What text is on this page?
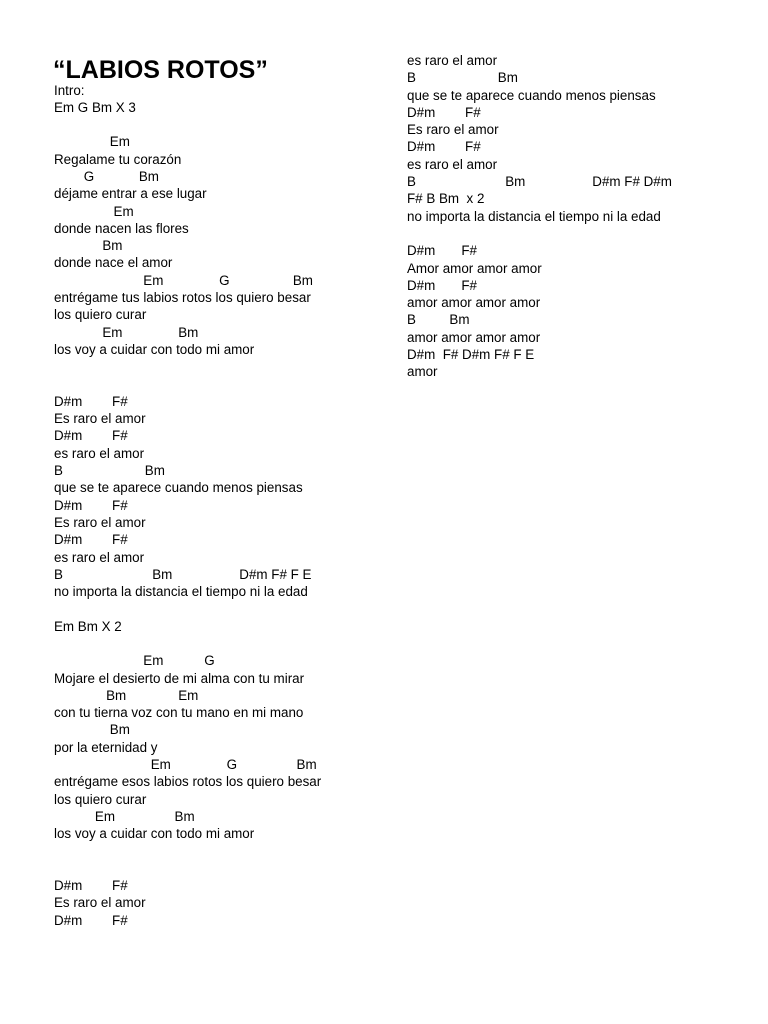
“LABIOS ROTOS”
Intro:
Em G Bm X 3
Em
Regalame tu corazón
G            Bm
déjame entrar a ese lugar
Em
donde nacen las flores
Bm
donde nace el amor
Em               G                 Bm
entrégame tus labios rotos los quiero besar
los quiero curar
Em               Bm
los voy a cuidar con todo mi amor
D#m        F#
Es raro el amor
D#m        F#
es raro el amor
B                      Bm
que se te aparece cuando menos piensas
D#m        F#
Es raro el amor
D#m        F#
es raro el amor
B                        Bm                  D#m F# F E
no importa la distancia el tiempo ni la edad
Em Bm X 2
Em           G
Mojare el desierto de mi alma con tu mirar
Bm              Em
con tu tierna voz con tu mano en mi mano
Bm
por la eternidad y
Em               G                Bm
entrégame esos labios rotos los quiero besar
los quiero curar
Em                Bm
los voy a cuidar con todo mi amor
D#m        F#
Es raro el amor
D#m        F#
es raro el amor
B                      Bm
que se te aparece cuando menos piensas
D#m        F#
Es raro el amor
D#m        F#
es raro el amor
B                        Bm                  D#m F# D#m
F# B Bm  x 2
no importa la distancia el tiempo ni la edad
D#m       F#
Amor amor amor amor
D#m       F#
amor amor amor amor
B         Bm
amor amor amor amor
D#m  F# D#m F# F E
amor
